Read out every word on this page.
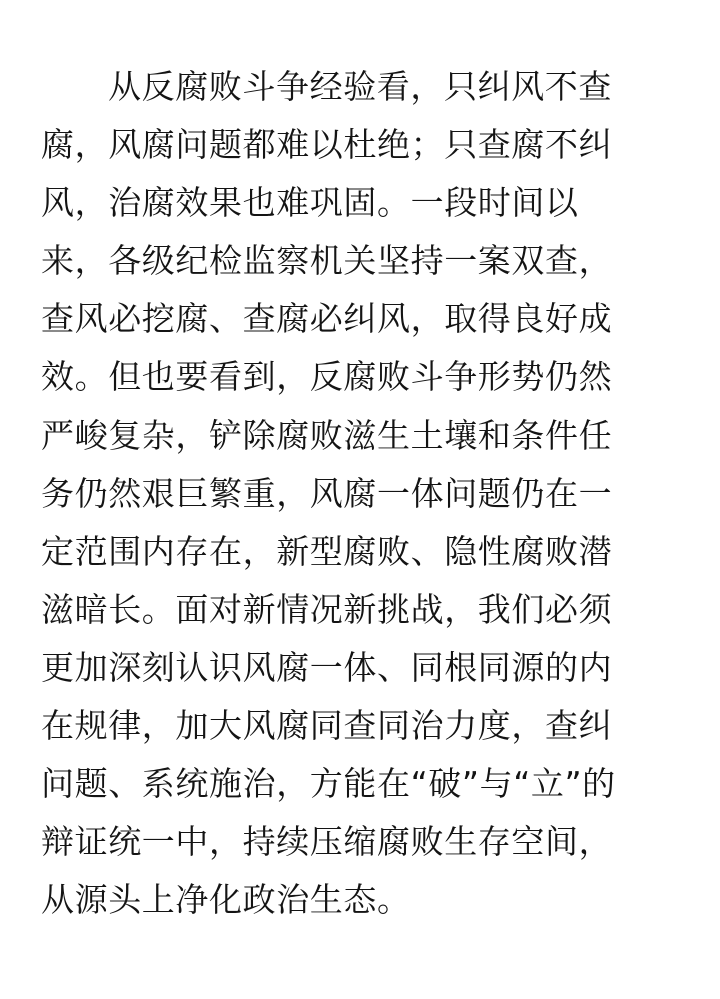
从反腐败斗争经验看，只纠风不查
腐，风腐问题都难以杜绝；只查腐不纠
风，治腐效果也难巩固。一段时间以
来，各级纪检监察机关坚持一案双查，
查风必挖腐、查腐必纠风，取得良好成
效。但也要看到，反腐败斗争形势仍然
严峻复杂，铲除腐败滋生土壤和条件任
务仍然艰巨繁重，风腐一体问题仍在一
定范围内存在，新型腐败、隐性腐败潜
滋暗长。面对新情况新挑战，我们必须
更加深刻认识风腐一体、同根同源的内
在规律，加大风腐同查同治力度，查纠
问题、系统施治，方能在“破”与“立”的
辩证统一中，持续压缩腐败生存空间，
从源头上净化政治生态。
